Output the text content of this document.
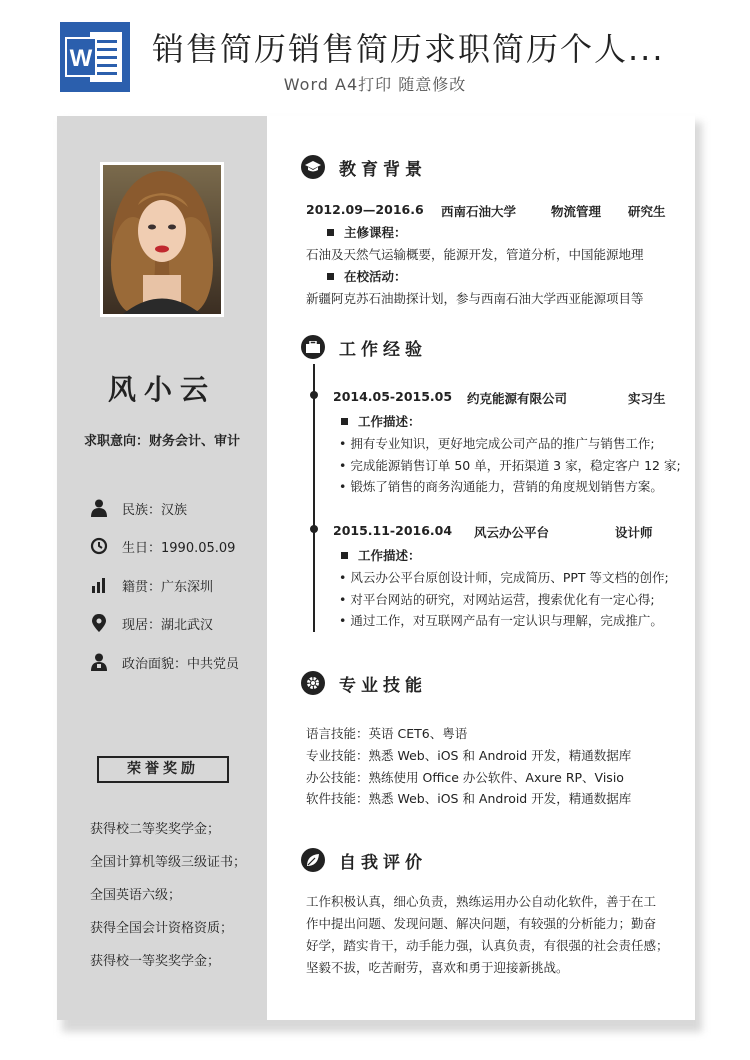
W 销售简历销售简历求职简历个人...
Word A4打印 随意修改
风小云
求职意向：财务会计、审计
民族：汉族
生日：1990.05.09
籍贯：广东深圳
现居：湖北武汉
政治面貌：中共党员
荣誉奖励
获得校二等奖奖学金；
全国计算机等级三级证书；
全国英语六级；
获得全国会计资格资质；
获得校一等奖奖学金；
教育背景
2012.09—2016.6 西南石油大学	物流管理 研究生
主修课程：
石油及天然气运输概要，能源开发，管道分析，中国能源地理
在校活动：
新疆阿克苏石油勘探计划，参与西南石油大学西亚能源项目等
工作经验
2014.05-2015.05 约克能源有限公司	实习生
工作描述：
• 拥有专业知识，更好地完成公司产品的推广与销售工作;
• 完成能源销售订单 50 单，开拓渠道 3 家，稳定客户 12 家;
• 锻炼了销售的商务沟通能力，营销的角度规划销售方案。
2015.11-2016.04 风云办公平台	设计师
工作描述：
• 风云办公平台原创设计师，完成简历、PPT 等文档的创作;
• 对平台网站的研究，对网站运营，搜索优化有一定心得;
• 通过工作，对互联网产品有一定认识与理解，完成推广。
专业技能
语言技能：英语 CET6、粤语
专业技能：熟悉 Web、iOS 和 Android 开发，精通数据库
办公技能：熟练使用 Office 办公软件、Axure RP、Visio
软件技能：熟悉 Web、iOS 和 Android 开发，精通数据库
自我评价
工作积极认真，细心负责，熟练运用办公自动化软件，善于在工
作中提出问题、发现问题、解决问题，有较强的分析能力；勤奋
好学，踏实肯干，动手能力强，认真负责，有很强的社会责任感；
坚毅不拔，吃苦耐劳，喜欢和勇于迎接新挑战。
